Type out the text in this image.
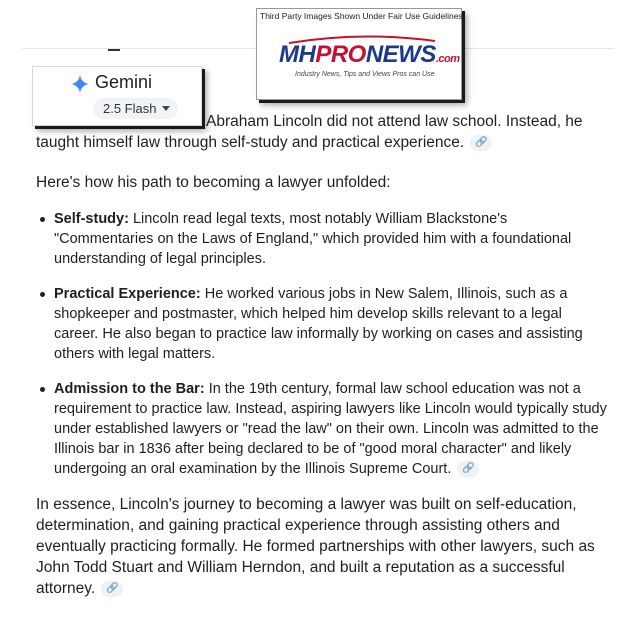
Third Party Images Shown Under Fair Use Guidelines
MHPRONEWS.com
Industry News, Tips and Views Pros can Use
Gemini
2.5 Flash

Abraham Lincoln did not attend law school. Instead, he

taught himself law through self-study and practical experience. 🔗

Here's how his path to becoming a lawyer unfolded:

Self-study: Lincoln read legal texts, most notably William Blackstone's "Commentaries on the Laws of England," which provided him with a foundational understanding of legal principles.
Practical Experience: He worked various jobs in New Salem, Illinois, such as a shopkeeper and postmaster, which helped him develop skills relevant to a legal career. He also began to practice law informally by working on cases and assisting others with legal matters.
Admission to the Bar: In the 19th century, formal law school education was not a requirement to practice law. Instead, aspiring lawyers like Lincoln would typically study under established lawyers or "read the law" on their own. Lincoln was admitted to the Illinois bar in 1836 after being declared to be of "good moral character" and likely undergoing an oral examination by the Illinois Supreme Court. 🔗

In essence, Lincoln's journey to becoming a lawyer was built on self-education, determination, and gaining practical experience through assisting others and eventually practicing formally. He formed partnerships with other lawyers, such as John Todd Stuart and William Herndon, and built a reputation as a successful attorney. 🔗
